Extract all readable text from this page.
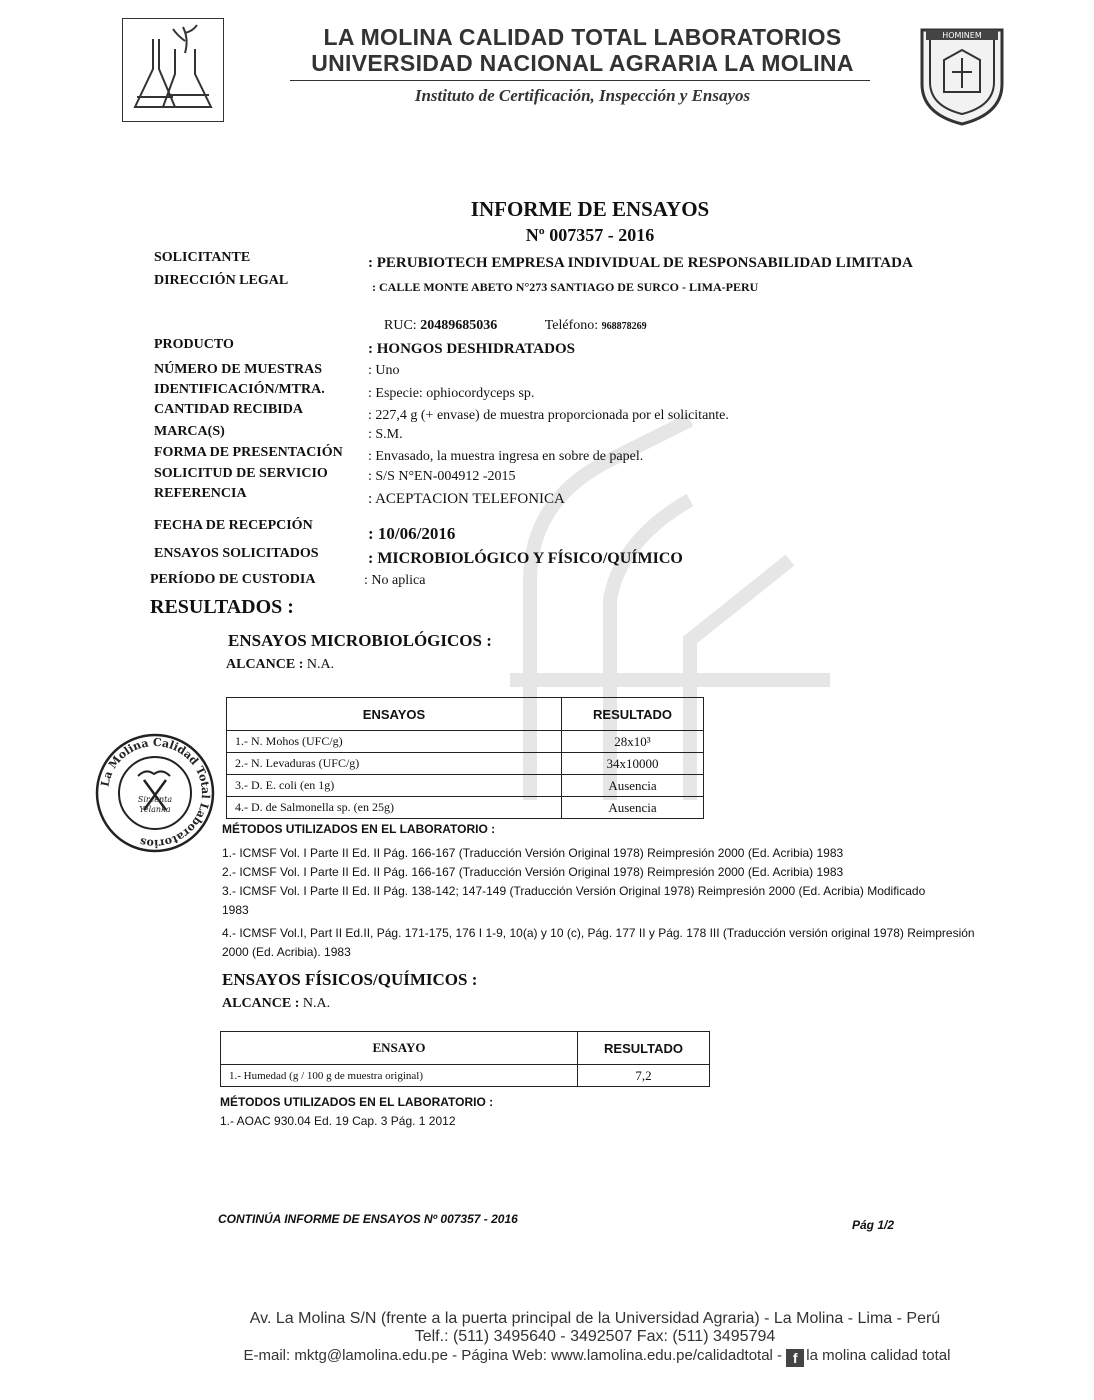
LA MOLINA CALIDAD TOTAL LABORATORIOS
UNIVERSIDAD NACIONAL AGRARIA LA MOLINA
Instituto de Certificación, Inspección y Ensayos
HOMINEM
INFORME DE ENSAYOS
Nº 007357 - 2016
SOLICITANTE	: PERUBIOTECH EMPRESA INDIVIDUAL DE RESPONSABILIDAD LIMITADA
DIRECCIÓN LEGAL	: CALLE MONTE ABETO N°273 SANTIAGO DE SURCO - LIMA-PERU
RUC: 20489685036	Teléfono: 968878269
PRODUCTO	: HONGOS DESHIDRATADOS
NÚMERO DE MUESTRAS	: Uno
IDENTIFICACIÓN/MTRA.	: Especie: ophiocordyceps sp.
CANTIDAD RECIBIDA	: 227,4 g (+ envase) de muestra proporcionada por el solicitante.
MARCA(S)	: S.M.
FORMA DE PRESENTACIÓN : Envasado, la muestra ingresa en sobre de papel.
SOLICITUD DE SERVICIO	: S/S N°EN-004912 -2015
REFERENCIA	: ACEPTACION TELEFONICA
FECHA DE RECEPCIÓN	: 10/06/2016
ENSAYOS SOLICITADOS	: MICROBIOLÓGICO Y FÍSICO/QUÍMICO
PERÍODO DE CUSTODIA	: No aplica
RESULTADOS :
ENSAYOS MICROBIOLÓGICOS :
ALCANCE : N.A.
ENSAYOS	RESULTADO
1.- N. Mohos (UFC/g)	28x10³
2.- N. Levaduras (UFC/g)	34x10000
3.- D. E. coli (en 1g)	Ausencia
4.- D. de Salmonella sp. (en 25g)	Ausencia
La Molina Calidad Total Laboratorios
Sircenta
Yelanka
MÉTODOS UTILIZADOS EN EL LABORATORIO :
1.- ICMSF Vol. I Parte II Ed. II Pág. 166-167 (Traducción Versión Original 1978) Reimpresión 2000 (Ed. Acribia) 1983
2.- ICMSF Vol. I Parte II Ed. II Pág. 166-167 (Traducción Versión Original 1978) Reimpresión 2000 (Ed. Acribia) 1983
3.- ICMSF Vol. I Parte II Ed. II Pág. 138-142; 147-149 (Traducción Versión Original 1978) Reimpresión 2000 (Ed. Acribia) Modificado 1983
4.- ICMSF Vol.I, Part II Ed.II, Pág. 171-175, 176 I 1-9, 10(a) y 10 (c), Pág. 177 II y Pág. 178 III (Traducción versión original 1978) Reimpresión 2000 (Ed. Acribia). 1983
ENSAYOS FÍSICOS/QUÍMICOS :
ALCANCE : N.A.
ENSAYO	RESULTADO
1.- Humedad (g / 100 g de muestra original)	7,2
MÉTODOS UTILIZADOS EN EL LABORATORIO :
1.- AOAC 930.04 Ed. 19 Cap. 3 Pág. 1 2012
CONTINÚA INFORME DE ENSAYOS Nº 007357 - 2016	Pág 1/2
Av. La Molina S/N (frente a la puerta principal de la Universidad Agraria) - La Molina - Lima - Perú
Telf.: (511) 3495640 - 3492507 Fax: (511) 3495794
E-mail: mktg@lamolina.edu.pe - Página Web: www.lamolina.edu.pe/calidadtotal - f la molina calidad total
